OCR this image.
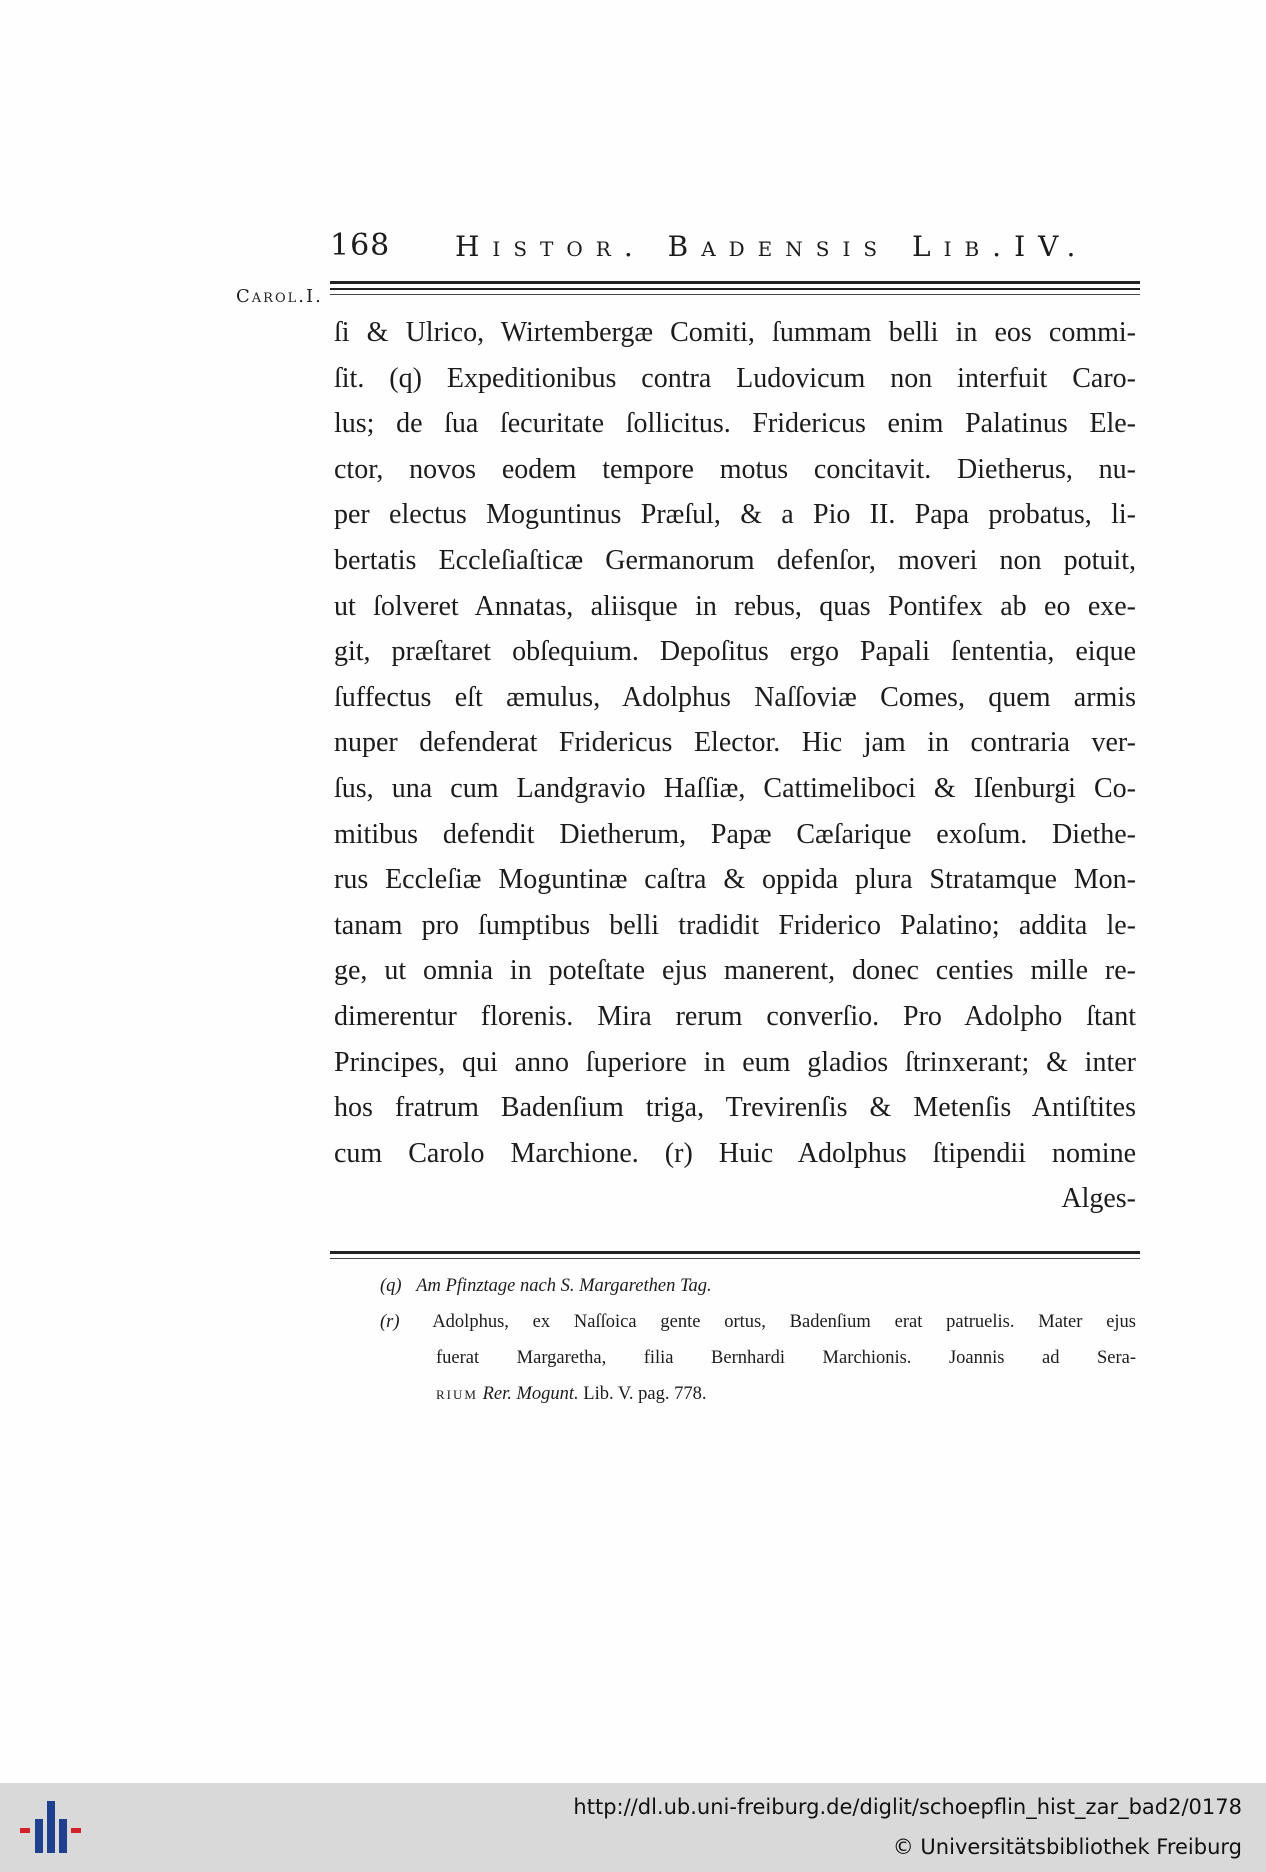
168 Histor. Badensis Lib.IV.
Carol.I.
ſi & Ulrico, Wirtembergæ Comiti, ſummam belli in eos commi-
ſit. (q) Expeditionibus contra Ludovicum non interfuit Caro-
lus; de ſua ſecuritate ſollicitus. Fridericus enim Palatinus Ele-
ctor, novos eodem tempore motus concitavit. Dietherus, nu-
per electus Moguntinus Præſul, & a Pio II. Papa probatus, li-
bertatis Eccleſiaſticæ Germanorum defenſor, moveri non potuit,
ut ſolveret Annatas, aliisque in rebus, quas Pontifex ab eo exe-
git, præſtaret obſequium. Depoſitus ergo Papali ſententia, eique
ſuffectus eſt æmulus, Adolphus Naſſoviæ Comes, quem armis
nuper defenderat Fridericus Elector. Hic jam in contraria ver-
ſus, una cum Landgravio Haſſiæ, Cattimeliboci & Iſenburgi Co-
mitibus defendit Dietherum, Papæ Cæſarique exoſum. Diethe-
rus Eccleſiæ Moguntinæ caſtra & oppida plura Stratamque Mon-
tanam pro ſumptibus belli tradidit Friderico Palatino; addita le-
ge, ut omnia in poteſtate ejus manerent, donec centies mille re-
dimerentur florenis. Mira rerum converſio. Pro Adolpho ſtant
Principes, qui anno ſuperiore in eum gladios ſtrinxerant; & inter
hos fratrum Badenſium triga, Trevirenſis & Metenſis Antiſtites
cum Carolo Marchione. (r) Huic Adolphus ſtipendii nomine
Alges-
(q) Am Pfinztage nach S. Margarethen Tag.
(r) Adolphus, ex Naſſoica gente ortus, Badenſium erat patruelis. Mater ejus
fuerat Margaretha, filia Bernhardi Marchionis. Joannis ad Sera-
rium Rer. Mogunt. Lib. V. pag. 778.
http://dl.ub.uni-freiburg.de/diglit/schoepflin_hist_zar_bad2/0178
© Universitätsbibliothek Freiburg
